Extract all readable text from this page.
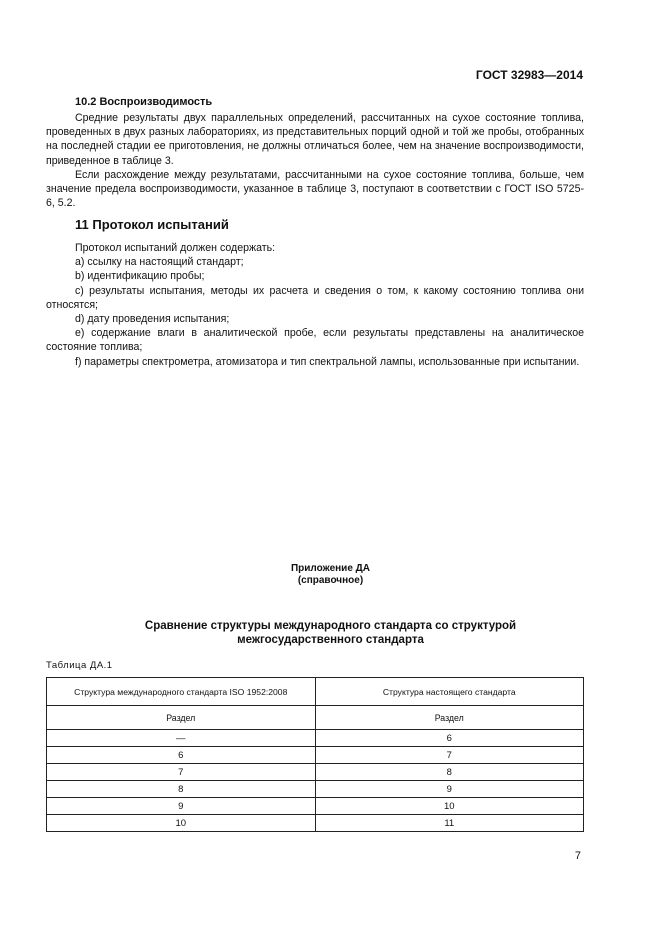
ГОСТ 32983—2014
10.2 Воспроизводимость
Средние результаты двух параллельных определений, рассчитанных на сухое состояние топлива, проведенных в двух разных лабораториях, из представительных порций одной и той же пробы, отобранных на последней стадии ее приготовления, не должны отличаться более, чем на значение воспроизводимости, приведенное в таблице 3.
Если расхождение между результатами, рассчитанными на сухое состояние топлива, больше, чем значение предела воспроизводимости, указанное в таблице 3, поступают в соответствии с ГОСТ ISO 5725-6, 5.2.
11 Протокол испытаний
Протокол испытаний должен содержать:
a) ссылку на настоящий стандарт;
b) идентификацию пробы;
c) результаты испытания, методы их расчета и сведения о том, к какому состоянию топлива они относятся;
d) дату проведения испытания;
e) содержание влаги в аналитической пробе, если результаты представлены на аналитическое состояние топлива;
f) параметры спектрометра, атомизатора и тип спектральной лампы, использованные при испытании.
Приложение ДА
(справочное)
Сравнение структуры международного стандарта со структурой
межгосударственного стандарта
Таблица ДА.1
Структура международного стандарта ISO 1952:2008	Структура настоящего стандарта
Раздел	Раздел
—	6
6	7
7	8
8	9
9	10
10	11
7
